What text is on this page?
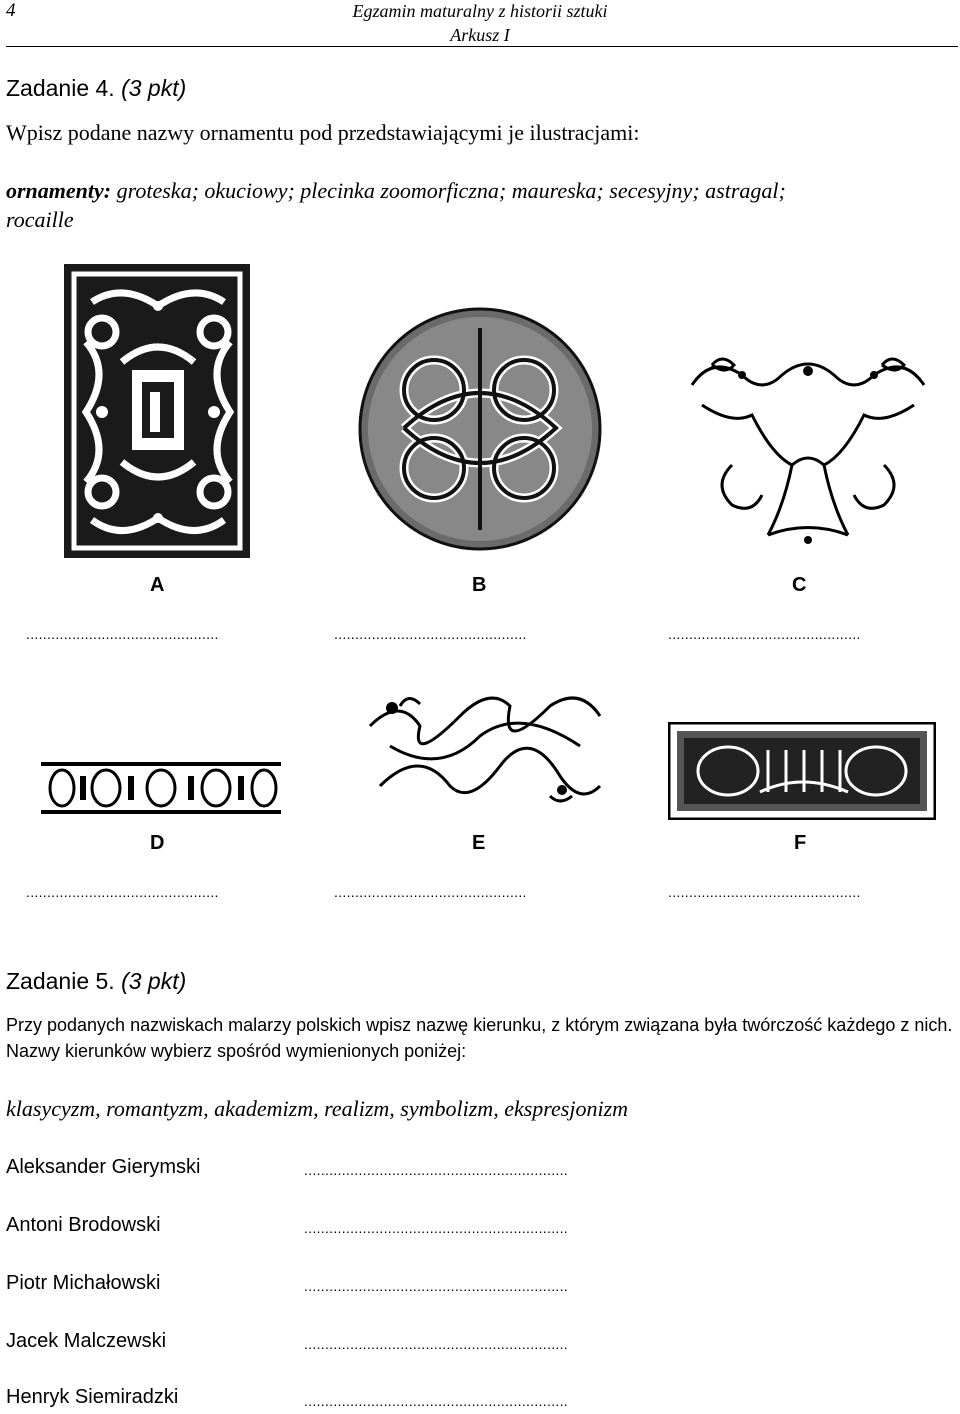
4	Egzamin maturalny z historii sztuki
Arkusz I
Zadanie 4. (3 pkt)
Wpisz podane nazwy ornamentu pod przedstawiającymi je ilustracjami:
ornamenty: groteska; okuciowy; plecinka zoomorficzna; maureska; secesyjny; astragal;
rocaille
A	B	C
..............................................	..............................................	..............................................
D	E	F
..............................................	..............................................	..............................................
Zadanie 5. (3 pkt)
Przy podanych nazwiskach malarzy polskich wpisz nazwę kierunku, z którym związana była twórczość każdego z nich. Nazwy kierunków wybierz spośród wymienionych poniżej:
klasycyzm, romantyzm, akademizm, realizm, symbolizm, ekspresjonizm
Aleksander Gierymski	...............................................................
Antoni Brodowski	...............................................................
Piotr Michałowski	...............................................................
Jacek Malczewski	...............................................................
Henryk Siemiradzki	...............................................................
